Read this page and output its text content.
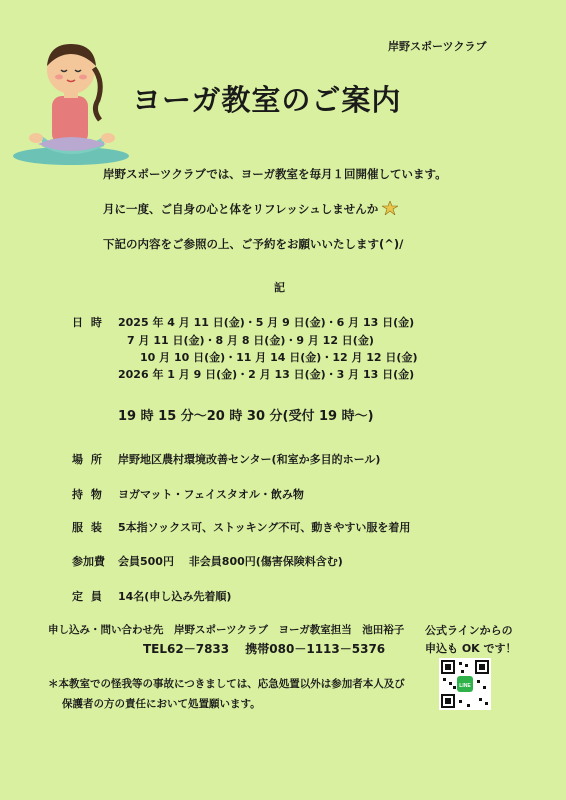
岸野スポーツクラブ
ヨーガ教室のご案内
岸野スポーツクラブでは、ヨーガ教室を毎月１回開催しています。
月に一度、ご自身の心と体をリフレッシュしませんか
下記の内容をご参照の上、ご予約をお願いいたします(^)/
記
日 時 2025 年 4 月 11 日(金)・5 月 9 日(金)・6 月 13 日(金)
7 月 11 日(金)・8 月 8 日(金)・9 月 12 日(金)
10 月 10 日(金)・11 月 14 日(金)・12 月 12 日(金)
2026 年 1 月 9 日(金)・2 月 13 日(金)・3 月 13 日(金)
19 時 15 分～20 時 30 分(受付 19 時～)
場 所 岸野地区農村環境改善センター(和室か多目的ホール)
持 物 ヨガマット・フェイスタオル・飲み物
服 装 5本指ソックス可、ストッキング不可、動きやすい服を着用
参加費 会員500円　 非会員800円(傷害保険料含む)
定 員 14名(申し込み先着順)
申し込み・問い合わせ先　岸野スポーツクラブ　ヨーガ教室担当　池田裕子
TEL62－7833　 携帯080－1113－5376
公式ラインからの
申込も OK です！
＊本教室での怪我等の事故につきましては、応急処置以外は参加者本人及び
保護者の方の責任において処置願います。
LINE
